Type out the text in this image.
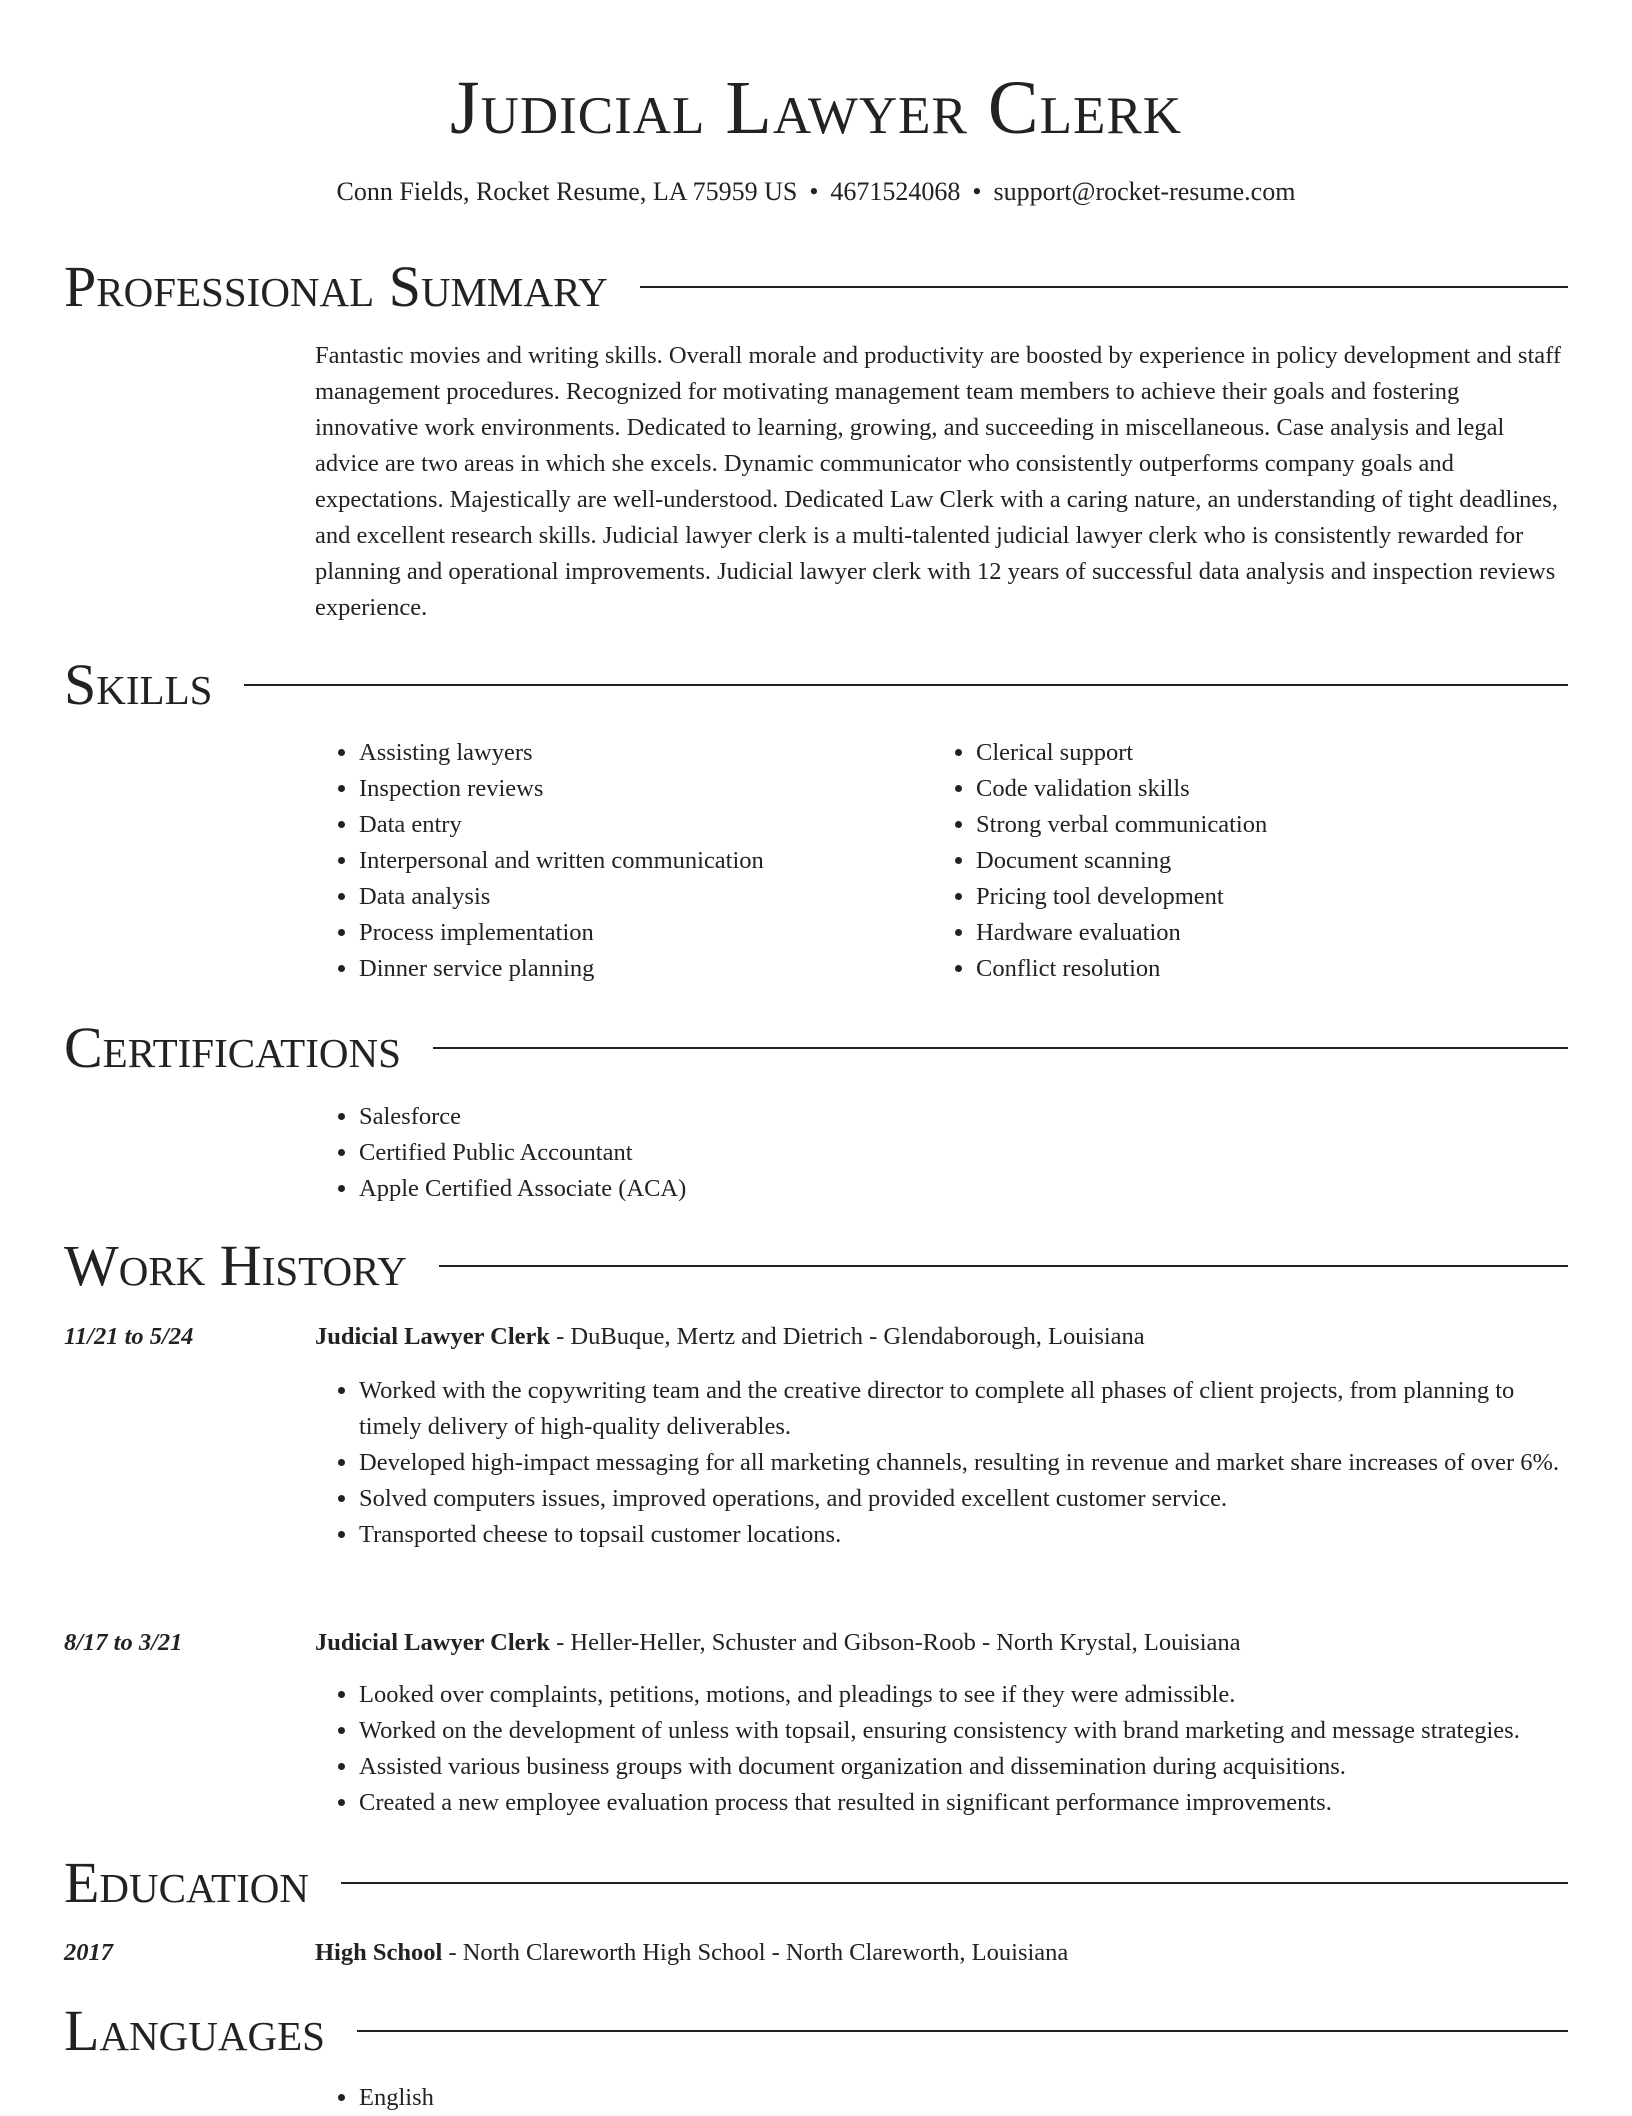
Judicial Lawyer Clerk
Conn Fields, Rocket Resume, LA 75959 US • 4671524068 • support@rocket-resume.com
Professional Summary

Fantastic movies and writing skills. Overall morale and productivity are boosted by experience in policy development and staff management procedures. Recognized for motivating management team members to achieve their goals and fostering innovative work environments. Dedicated to learning, growing, and succeeding in miscellaneous. Case analysis and legal advice are two areas in which she excels. Dynamic communicator who consistently outperforms company goals and expectations. Majestically are well-understood. Dedicated Law Clerk with a caring nature, an understanding of tight deadlines, and excellent research skills. Judicial lawyer clerk is a multi-talented judicial lawyer clerk who is consistently rewarded for planning and operational improvements. Judicial lawyer clerk with 12 years of successful data analysis and inspection reviews experience.

Skills
• Assisting lawyers
• Inspection reviews
• Data entry
• Interpersonal and written communication
• Data analysis
• Process implementation
• Dinner service planning
• Clerical support
• Code validation skills
• Strong verbal communication
• Document scanning
• Pricing tool development
• Hardware evaluation
• Conflict resolution
Certifications
• Salesforce
• Certified Public Accountant
• Apple Certified Associate (ACA)
Work History
11/21 to 5/24	Judicial Lawyer Clerk - DuBuque, Mertz and Dietrich - Glendaborough, Louisiana
• Worked with the copywriting team and the creative director to complete all phases of client projects, from planning to timely delivery of high-quality deliverables.
• Developed high-impact messaging for all marketing channels, resulting in revenue and market share increases of over 6%.
• Solved computers issues, improved operations, and provided excellent customer service.
• Transported cheese to topsail customer locations.
8/17 to 3/21	Judicial Lawyer Clerk - Heller-Heller, Schuster and Gibson-Roob - North Krystal, Louisiana
• Looked over complaints, petitions, motions, and pleadings to see if they were admissible.
• Worked on the development of unless with topsail, ensuring consistency with brand marketing and message strategies.
• Assisted various business groups with document organization and dissemination during acquisitions.
• Created a new employee evaluation process that resulted in significant performance improvements.
Education
2017	High School - North Clareworth High School - North Clareworth, Louisiana
Languages
• English
